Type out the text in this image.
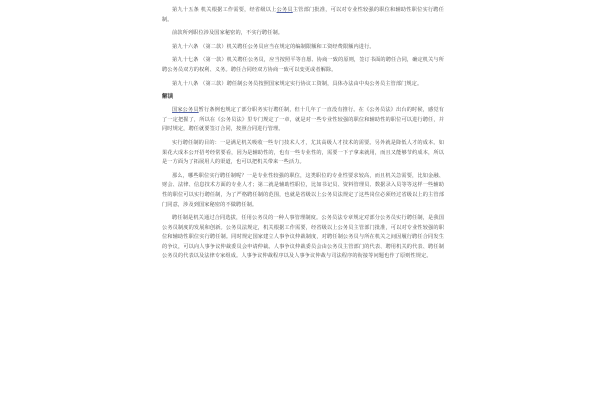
第九十五条 机关根据工作需要，经省级以上公务员主管部门批准，可以对专业性较强的职位和辅助性职位实行聘任制。

前款所列职位涉及国家秘密的，不实行聘任制。

第九十六条 （第二款）机关聘任公务员应当在规定的编制限额和工资经费限额内进行。

第九十七条 （第一款）机关聘任公务员，应当按照平等自愿、协商一致的原则，签订书面的聘任合同，确定机关与所聘公务员双方的权利、义务。聘任合同经双方协商一致可以变更或者解除。

第九十八条 （第三款）聘任制公务员按照国家规定实行协议工资制，具体办法由中央公务员主管部门规定。

解读

国家公务员暂行条例也规定了部分职务实行聘任制，但十几年了一直没有推行。在《公务员法》出台的时候，感觉有了一定把握了，所以在《公务员法》里专门规定了一章，就是对一些专业性较强的职位和辅助性的职位可以进行聘任，并同时规定，聘任就要签订合同，按照合同进行管理。

实行聘任制的目的：一是满足机关吸收一些专门技术人才，尤其高级人才技术的需要。另外就是降低人才的成本。如果花大成本公开招考经常要看，因为是辅助性的，也有一些专业性的，需要一下子拿来就用，而且又能够节约成本，所以是一方面为了拓展用人的渠道，也可以把机关带来一些活力。

那么，哪些职位实行聘任制呢？一是专业性较强的职位，这类职位的专业性要求较高，而且机关急需要，比如金融、财会、法律、信息技术方面的专业人才；第二就是辅助性职位，比如书记员、资料管理员、数据录入员等等这样一些辅助性的职位可以实行聘任制，为了严格聘任制的范围，也就是省级以上公务员法规定了这些岗位必须经过省级以上的主管部门同意，涉及到国家秘密的不做聘任制。

聘任制是机关通过合同选拔，任用公务员的一种人事管理制度。公务员法专章规定对部分公务员实行聘任制，是我国公务员制度的发展和创新。公务员法规定，机关根据工作需要，经省级以上公务员主管部门批准，可以对专业性较强的职位和辅助性职位实行聘任制。同时规定国家建立人事争议仲裁制度，对聘任制公务员与所在机关之间因履行聘任合同发生的争议，可以向人事争议仲裁委员会申请仲裁。人事争议仲裁委员会由公务员主管部门的代表、聘用机关的代表、聘任制公务员的代表以及法律专家组成。人事争议仲裁程序以及人事争议仲裁与司法程序的衔接等问题也作了原则性规定。
